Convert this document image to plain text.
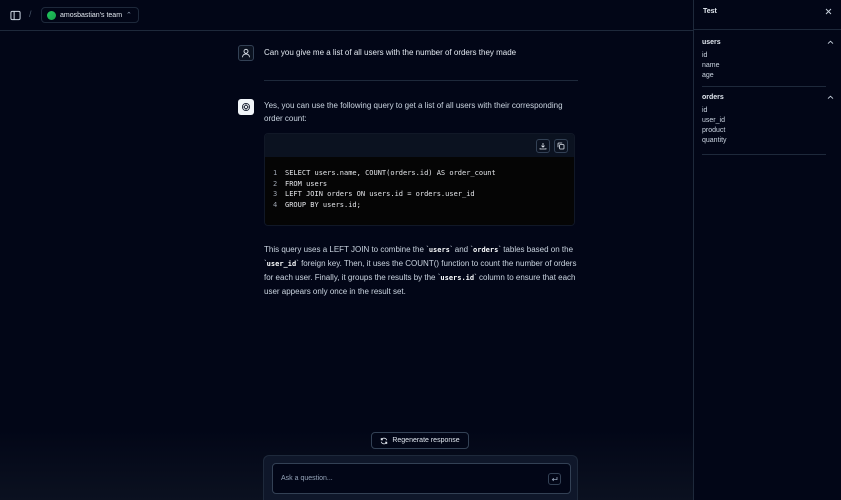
/	amosbastian's team ⌃
Can you give me a list of all users with the number of orders they made

Yes, you can use the following query to get a list of all users with their corresponding order count:

1	SELECT users.name, COUNT(orders.id) AS order_count
2	FROM users
3	LEFT JOIN orders ON users.id = orders.user_id
4	GROUP BY users.id;

This query uses a LEFT JOIN to combine the `users` and `orders` tables based on the `user_id` foreign key. Then, it uses the COUNT() function to count the number of orders for each user. Finally, it groups the results by the `users.id` column to ensure that each user appears only once in the result set.

Regenerate response
Ask a question...
Test
users
id
name
age
orders
id
user_id
product
quantity
